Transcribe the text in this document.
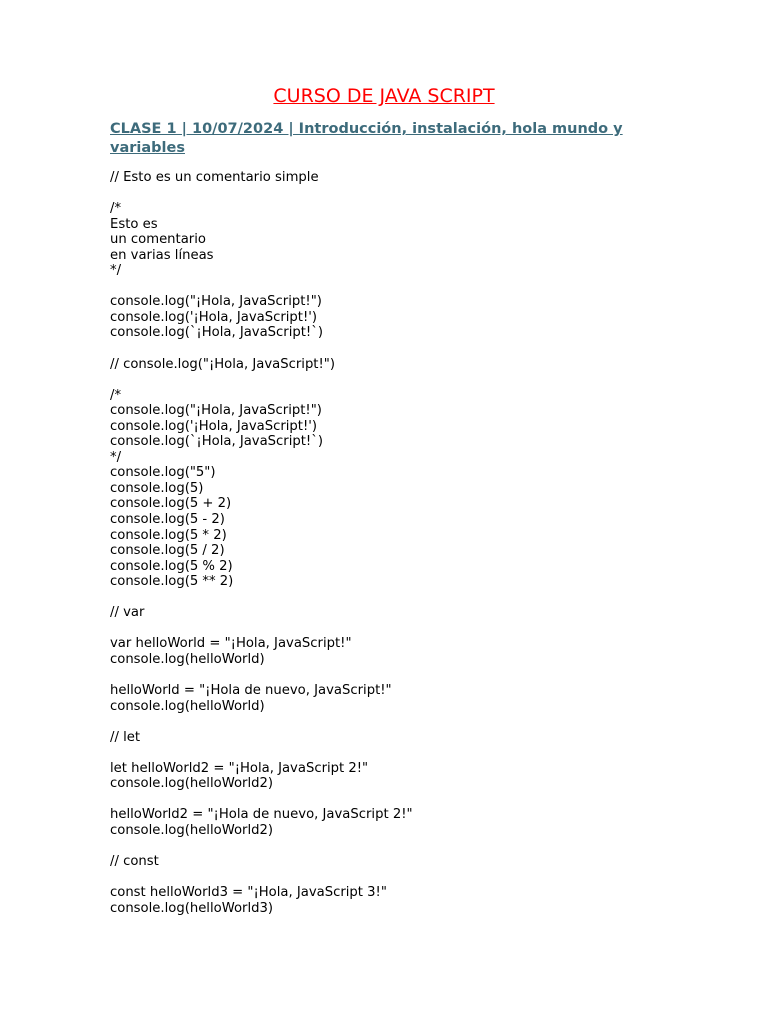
CURSO DE JAVA SCRIPT
CLASE 1 | 10/07/2024 | Introducción, instalación, hola mundo y variables
// Esto es un comentario simple
/*
Esto es
un comentario
en varias líneas
*/
console.log("¡Hola, JavaScript!")
console.log('¡Hola, JavaScript!')
console.log(`¡Hola, JavaScript!`)
// console.log("¡Hola, JavaScript!")
/*
console.log("¡Hola, JavaScript!")
console.log('¡Hola, JavaScript!')
console.log(`¡Hola, JavaScript!`)
*/
console.log("5")
console.log(5)
console.log(5 + 2)
console.log(5 - 2)
console.log(5 * 2)
console.log(5 / 2)
console.log(5 % 2)
console.log(5 ** 2)
// var
var helloWorld = "¡Hola, JavaScript!"
console.log(helloWorld)
helloWorld = "¡Hola de nuevo, JavaScript!"
console.log(helloWorld)
// let
let helloWorld2 = "¡Hola, JavaScript 2!"
console.log(helloWorld2)
helloWorld2 = "¡Hola de nuevo, JavaScript 2!"
console.log(helloWorld2)
// const
const helloWorld3 = "¡Hola, JavaScript 3!"
console.log(helloWorld3)
